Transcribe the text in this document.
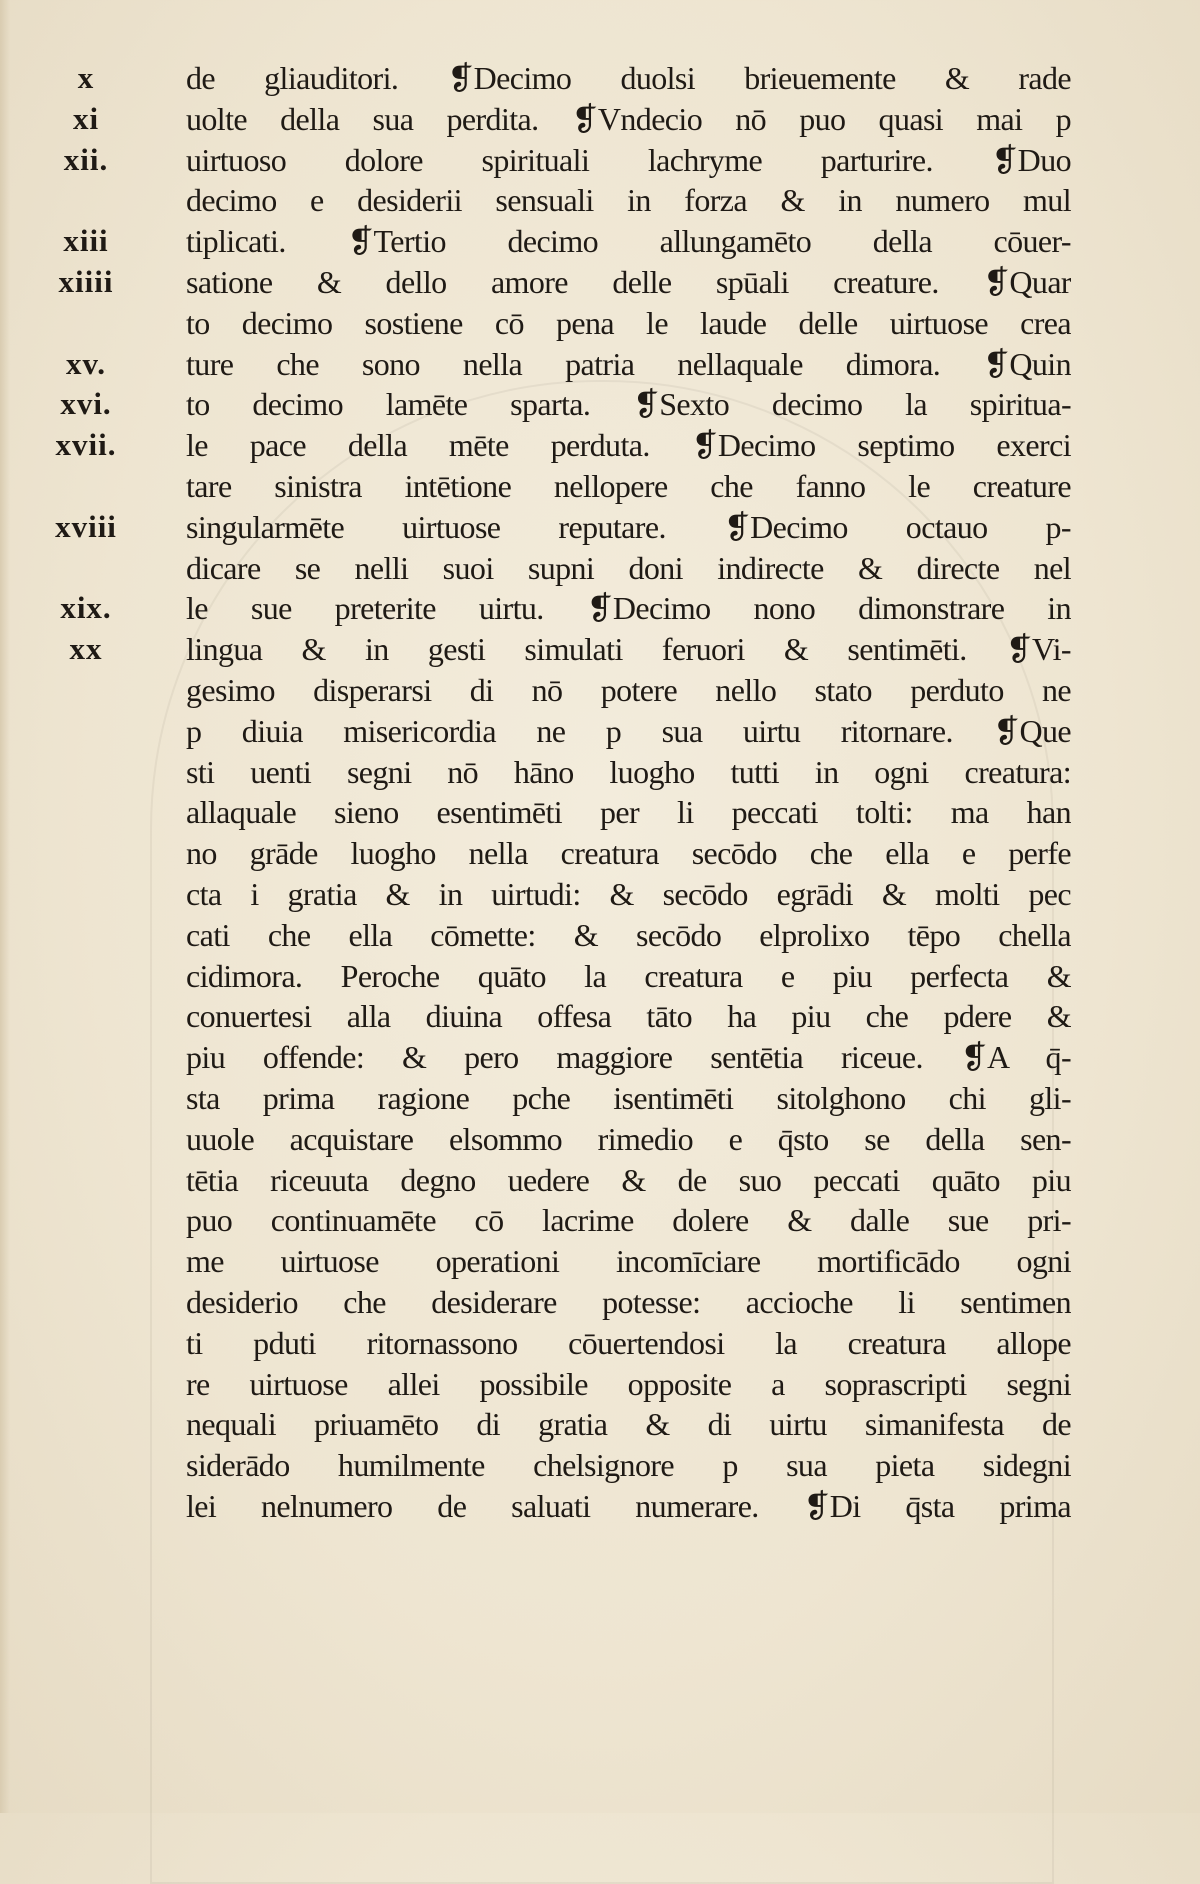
x	de gliauditori. ❡Decimo duolsi brieuemente & rade
xi	uolte della sua perdita. ❡Vndecio nō puo quasi mai p
xii.	uirtuoso dolore spirituali lachryme parturire. ❡Duo
decimo e desiderii sensuali in forza & in numero mul
xiii	tiplicati. ❡Tertio decimo allungamēto della cōuer-
xiiii	satione & dello amore delle spūali creature. ❡Quar
to decimo sostiene cō pena le laude delle uirtuose crea
xv.	ture che sono nella patria nellaquale dimora. ❡Quin
xvi.	to decimo lamēte sparta. ❡Sexto decimo la spiritua-
xvii.	le pace della mēte perduta. ❡Decimo septimo exerci
tare sinistra intētione nellopere che fanno le creature
xviii	singularmēte uirtuose reputare. ❡Decimo octauo p-
dicare se nelli suoi supni doni indirecte & directe nel
xix.	le sue preterite uirtu. ❡Decimo nono dimonstrare in
xx	lingua & in gesti simulati feruori & sentimēti. ❡Vi-
gesimo disperarsi di nō potere nello stato perduto ne
p diuia misericordia ne p sua uirtu ritornare. ❡Que
sti uenti segni nō hāno luogho tutti in ogni creatura:
allaquale sieno esentimēti per li peccati tolti: ma han
no grāde luogho nella creatura secōdo che ella e perfe
cta i gratia & in uirtudi: & secōdo egrādi & molti pec
cati che ella cōmette: & secōdo elprolixo tēpo chella
cidimora. Peroche quāto la creatura e piu perfecta &
conuertesi alla diuina offesa tāto ha piu che pdere &
piu offende: & pero maggiore sentētia riceue. ❡A q̄-
sta prima ragione pche isentimēti sitolghono chi gli-
uuole acquistare elsommo rimedio e q̄sto se della sen-
tētia riceuuta degno uedere & de suo peccati quāto piu
puo continuamēte cō lacrime dolere & dalle sue pri-
me uirtuose operationi incomīciare mortificādo ogni
desiderio che desiderare potesse: accioche li sentimen
ti pduti ritornassono cōuertendosi la creatura allope
re uirtuose allei possibile opposite a soprascripti segni
nequali priuamēto di gratia & di uirtu simanifesta de
siderādo humilmente chelsignore p sua pieta sidegni
lei nelnumero de saluati numerare. ❡Di q̄sta prima
